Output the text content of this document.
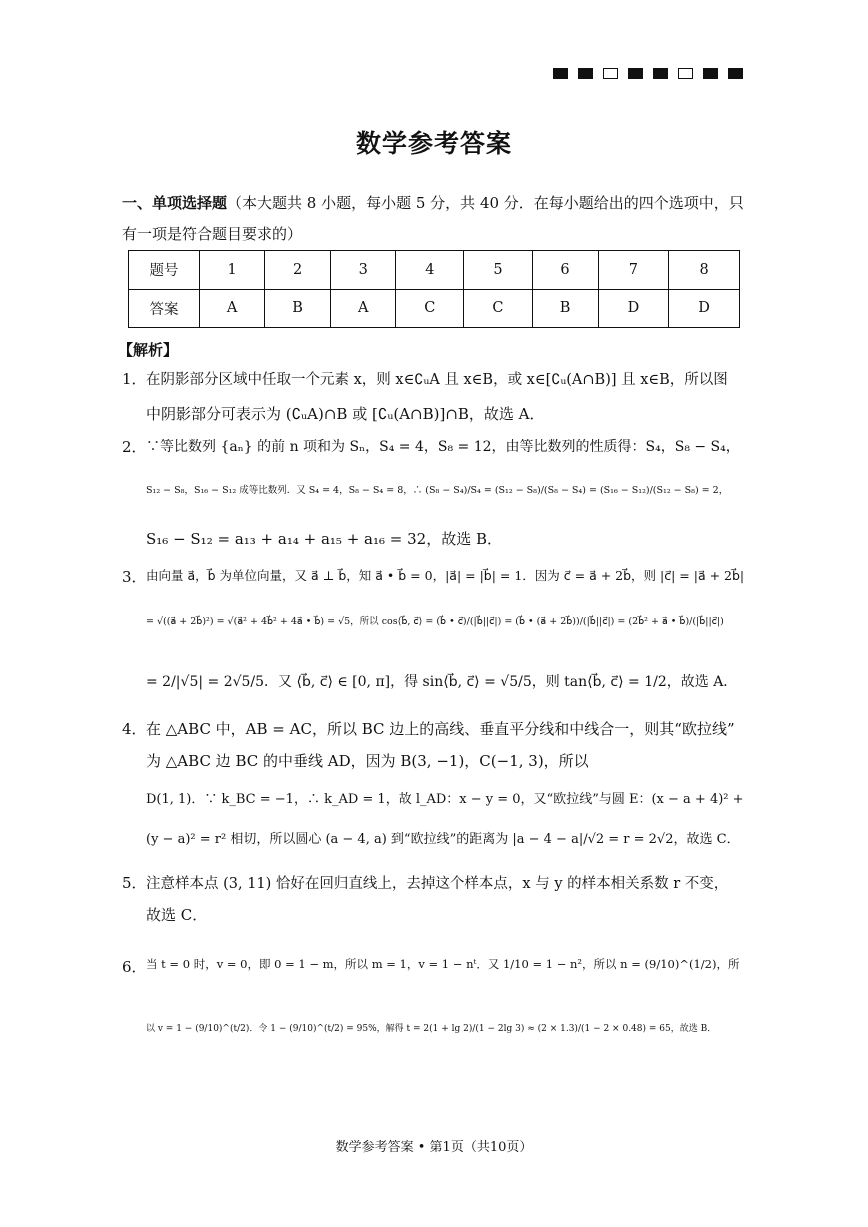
数学参考答案
一、单项选择题（本大题共 8 小题，每小题 5 分，共 40 分．在每小题给出的四个选项中，只有一项是符合题目要求的）
题号	1	2	3	4	5	6	7	8
答案	A	B	A	C	C	B	D	D
【解析】
1． 在阴影部分区域中任取一个元素 x，则 x∈∁ᵤA 且 x∈B，或 x∈[∁ᵤ(A∩B)] 且 x∈B，所以图
中阴影部分可表示为 (∁ᵤA)∩B 或 [∁ᵤ(A∩B)]∩B，故选 A．
2． ∵等比数列 {aₙ} 的前 n 项和为 Sₙ，S₄ = 4，S₈ = 12，由等比数列的性质得：S₄，S₈ − S₄，
S₁₂ − S₈，S₁₆ − S₁₂ 成等比数列．又 S₄ = 4，S₈ − S₄ = 8，∴ (S₈ − S₄)/S₄ = (S₁₂ − S₈)/(S₈ − S₄) = (S₁₆ − S₁₂)/(S₁₂ − S₈) = 2，
S₁₆ − S₁₂ = a₁₃ + a₁₄ + a₁₅ + a₁₆ = 32，故选 B．
3． 由向量 a⃗，b⃗ 为单位向量，又 a⃗ ⊥ b⃗，知 a⃗ • b⃗ = 0，|a⃗| = |b⃗| = 1．因为 c⃗ = a⃗ + 2b⃗，则 |c⃗| = |a⃗ + 2b⃗|
= √((a⃗ + 2b⃗)²) = √(a⃗² + 4b⃗² + 4a⃗ • b⃗) = √5，所以 cos⟨b⃗, c⃗⟩ = (b⃗ • c⃗)/(|b⃗||c⃗|) = (b⃗ • (a⃗ + 2b⃗))/(|b⃗||c⃗|) = (2b⃗² + a⃗ • b⃗)/(|b⃗||c⃗|)
= 2/|√5| = 2√5/5．又 ⟨b⃗, c⃗⟩ ∈ [0, π]，得 sin⟨b⃗, c⃗⟩ = √5/5，则 tan⟨b⃗, c⃗⟩ = 1/2，故选 A．
4． 在 △ABC 中，AB = AC，所以 BC 边上的高线、垂直平分线和中线合一，则其“欧拉线”
为 △ABC 边 BC 的中垂线 AD，因为 B(3, −1)，C(−1, 3)，所以
D(1, 1)．∵ k_BC = −1，∴ k_AD = 1，故 l_AD：x − y = 0，又“欧拉线”与圆 E：(x − a + 4)² +
(y − a)² = r² 相切，所以圆心 (a − 4, a) 到“欧拉线”的距离为 |a − 4 − a|/√2 = r = 2√2，故选 C．
5． 注意样本点 (3, 11) 恰好在回归直线上，去掉这个样本点，x 与 y 的样本相关系数 r 不变，
故选 C．
6． 当 t = 0 时，v = 0，即 0 = 1 − m，所以 m = 1，v = 1 − nᵗ．又 1/10 = 1 − n²，所以 n = (9/10)^(1/2)，所
以 v = 1 − (9/10)^(t/2)．令 1 − (9/10)^(t/2) = 95%，解得 t = 2(1 + lg 2)/(1 − 2lg 3) ≈ (2 × 1.3)/(1 − 2 × 0.48) = 65，故选 B．
数学参考答案 • 第1页（共10页）
